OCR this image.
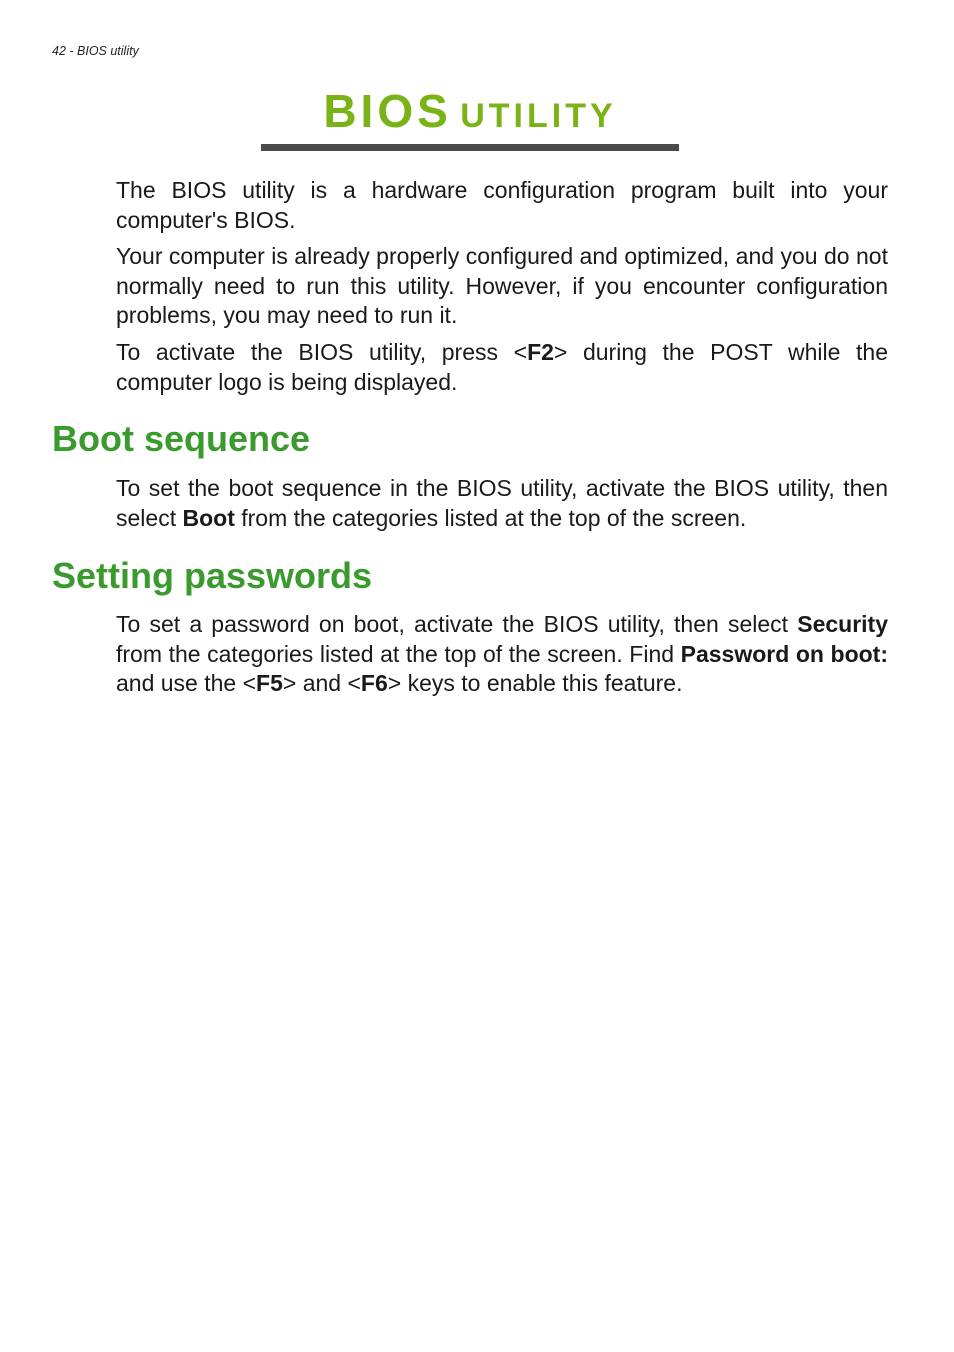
42 - BIOS utility
BIOS UTILITY

The BIOS utility is a hardware configuration program built into your computer's BIOS.

Your computer is already properly configured and optimized, and you do not normally need to run this utility. However, if you encounter configuration problems, you may need to run it.

To activate the BIOS utility, press <F2> during the POST while the computer logo is being displayed.

Boot sequence

To set the boot sequence in the BIOS utility, activate the BIOS utility, then select Boot from the categories listed at the top of the screen.

Setting passwords

To set a password on boot, activate the BIOS utility, then select Security from the categories listed at the top of the screen. Find Password on boot: and use the <F5> and <F6> keys to enable this feature.
